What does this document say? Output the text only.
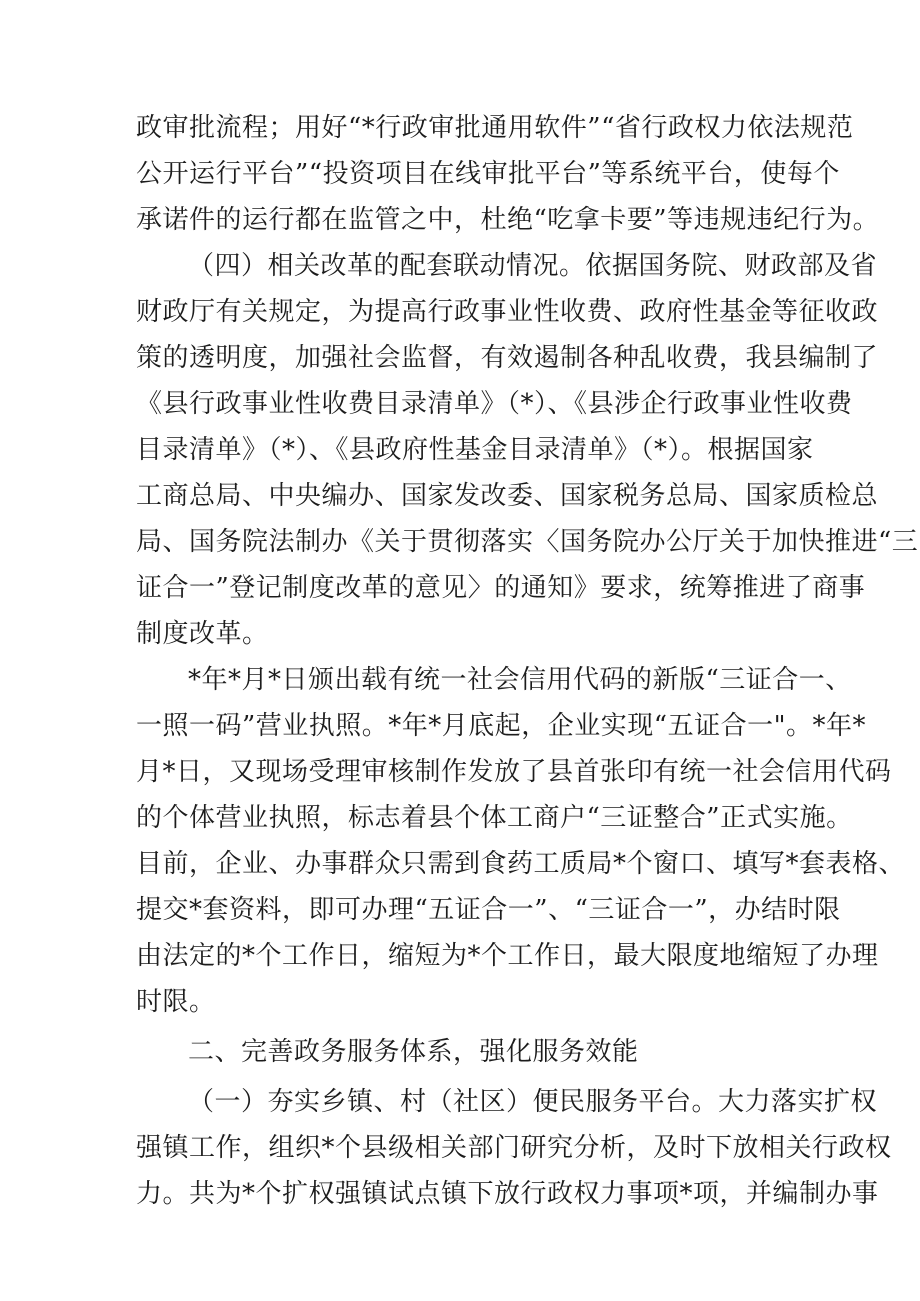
政审批流程；用好“*行政审批通用软件”“省行政权力依法规范
公开运行平台”“投资项目在线审批平台”等系统平台，使每个
承诺件的运行都在监管之中，杜绝“吃拿卡要”等违规违纪行为。
（四）相关改革的配套联动情况。依据国务院、财政部及省
财政厅有关规定，为提高行政事业性收费、政府性基金等征收政
策的透明度，加强社会监督，有效遏制各种乱收费，我县编制了
《县行政事业性收费目录清单》（*）、《县涉企行政事业性收费
目录清单》（*）、《县政府性基金目录清单》（*）。根据国家
工商总局、中央编办、国家发改委、国家税务总局、国家质检总
局、国务院法制办《关于贯彻落实〈国务院办公厅关于加快推进“三
证合一”登记制度改革的意见〉的通知》要求，统筹推进了商事
制度改革。
*年*月*日颁出载有统一社会信用代码的新版“三证合一、
一照一码”营业执照。*年*月底起，企业实现“五证合一"。*年*
月*日，又现场受理审核制作发放了县首张印有统一社会信用代码
的个体营业执照，标志着县个体工商户“三证整合”正式实施。
目前，企业、办事群众只需到食药工质局*个窗口、填写*套表格、
提交*套资料，即可办理“五证合一”、“三证合一”，办结时限
由法定的*个工作日，缩短为*个工作日，最大限度地缩短了办理
时限。
二、完善政务服务体系，强化服务效能
（一）夯实乡镇、村（社区）便民服务平台。大力落实扩权
强镇工作，组织*个县级相关部门研究分析，及时下放相关行政权
力。共为*个扩权强镇试点镇下放行政权力事项*项，并编制办事
